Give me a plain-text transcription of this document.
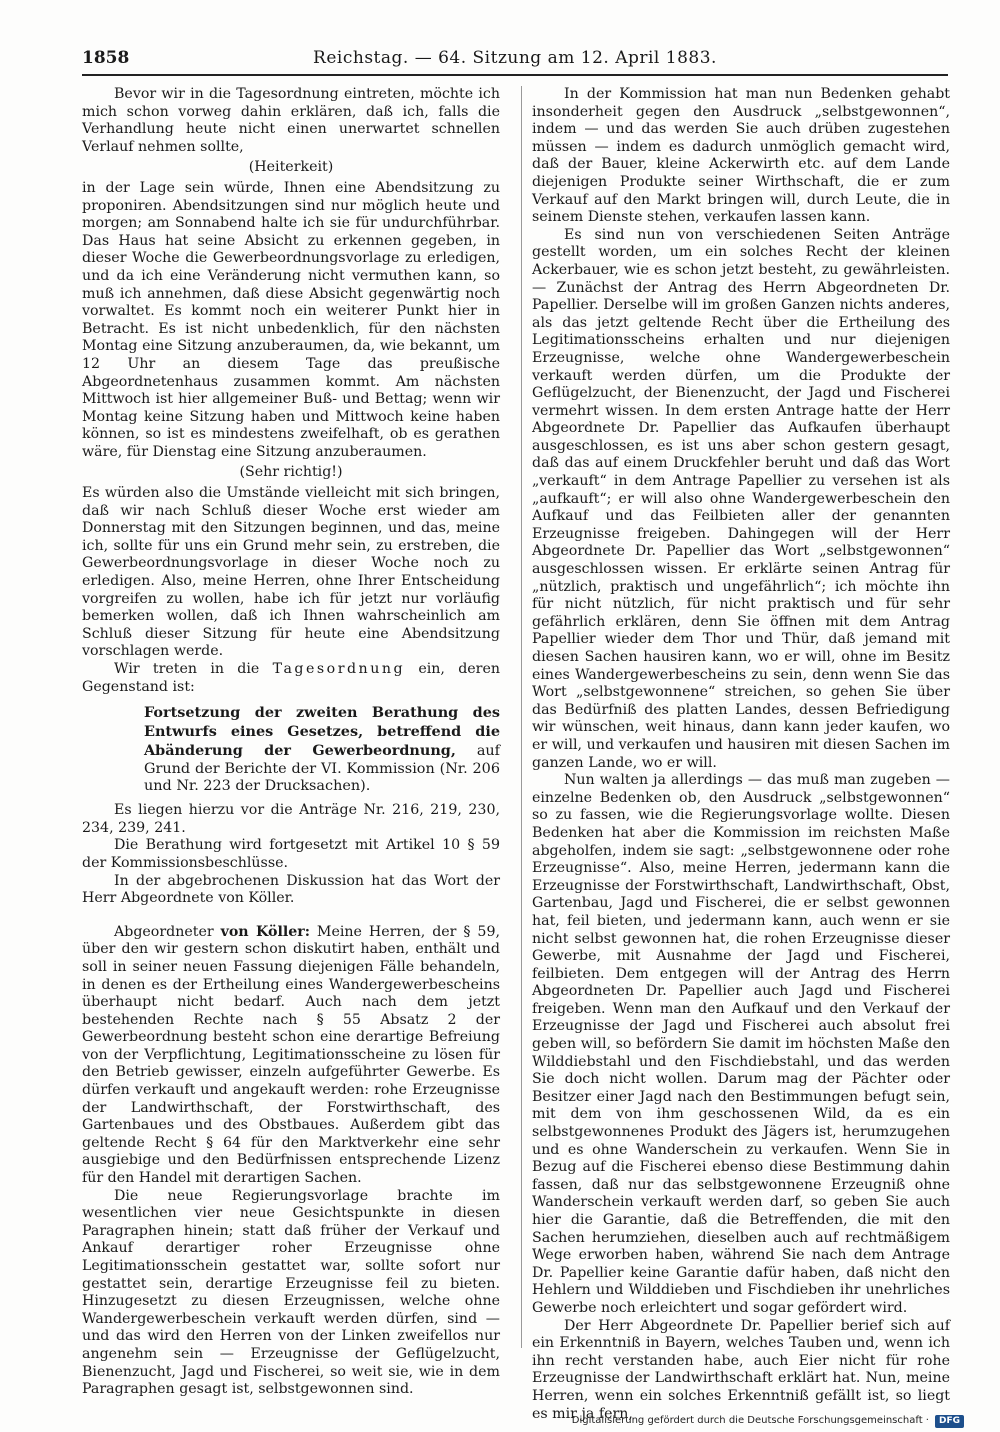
1858	Reichstag. — 64. Sitzung am 12. April 1883.

Bevor wir in die Tagesordnung eintreten, möchte ich mich schon vorweg dahin erklären, daß ich, falls die Verhandlung heute nicht einen unerwartet schnellen Verlauf nehmen sollte,

(Heiterkeit)

in der Lage sein würde, Ihnen eine Abendsitzung zu proponiren. Abendsitzungen sind nur möglich heute und morgen; am Sonnabend halte ich sie für undurchführbar. Das Haus hat seine Absicht zu erkennen gegeben, in dieser Woche die Gewerbeordnungsvorlage zu erledigen, und da ich eine Veränderung nicht vermuthen kann, so muß ich annehmen, daß diese Absicht gegenwärtig noch vorwaltet. Es kommt noch ein weiterer Punkt hier in Betracht. Es ist nicht unbedenklich, für den nächsten Montag eine Sitzung anzuberaumen, da, wie bekannt, um 12 Uhr an diesem Tage das preußische Abgeordnetenhaus zusammen kommt. Am nächsten Mittwoch ist hier allgemeiner Buß- und Bettag; wenn wir Montag keine Sitzung haben und Mittwoch keine haben können, so ist es mindestens zweifelhaft, ob es gerathen wäre, für Dienstag eine Sitzung anzuberaumen.

(Sehr richtig!)

Es würden also die Umstände vielleicht mit sich bringen, daß wir nach Schluß dieser Woche erst wieder am Donnerstag mit den Sitzungen beginnen, und das, meine ich, sollte für uns ein Grund mehr sein, zu erstreben, die Gewerbeordnungsvorlage in dieser Woche noch zu erledigen. Also, meine Herren, ohne Ihrer Entscheidung vorgreifen zu wollen, habe ich für jetzt nur vorläufig bemerken wollen, daß ich Ihnen wahrscheinlich am Schluß dieser Sitzung für heute eine Abendsitzung vorschlagen werde.

Wir treten in die Tagesordnung ein, deren Gegenstand ist:

Fortsetzung der zweiten Berathung des Entwurfs eines Gesetzes, betreffend die Abänderung der Gewerbeordnung, auf Grund der Berichte der VI. Kommission (Nr. 206 und Nr. 223 der Drucksachen).

Es liegen hierzu vor die Anträge Nr. 216, 219, 230, 234, 239, 241.

Die Berathung wird fortgesetzt mit Artikel 10 § 59 der Kommissionsbeschlüsse.

In der abgebrochenen Diskussion hat das Wort der Herr Abgeordnete von Köller.

Abgeordneter von Köller: Meine Herren, der § 59, über den wir gestern schon diskutirt haben, enthält und soll in seiner neuen Fassung diejenigen Fälle behandeln, in denen es der Ertheilung eines Wandergewerbescheins überhaupt nicht bedarf. Auch nach dem jetzt bestehenden Rechte nach § 55 Absatz 2 der Gewerbeordnung besteht schon eine derartige Befreiung von der Verpflichtung, Legitimationsscheine zu lösen für den Betrieb gewisser, einzeln aufgeführter Gewerbe. Es dürfen verkauft und angekauft werden: rohe Erzeugnisse der Landwirthschaft, der Forstwirthschaft, des Gartenbaues und des Obstbaues. Außerdem gibt das geltende Recht § 64 für den Marktverkehr eine sehr ausgiebige und den Bedürfnissen entsprechende Lizenz für den Handel mit derartigen Sachen.

Die neue Regierungsvorlage brachte im wesentlichen vier neue Gesichtspunkte in diesen Paragraphen hinein; statt daß früher der Verkauf und Ankauf derartiger roher Erzeugnisse ohne Legitimationsschein gestattet war, sollte sofort nur gestattet sein, derartige Erzeugnisse feil zu bieten. Hinzugesetzt zu diesen Erzeugnissen, welche ohne Wandergewerbeschein verkauft werden dürfen, sind — und das wird den Herren von der Linken zweifellos nur angenehm sein — Erzeugnisse der Geflügelzucht, Bienenzucht, Jagd und Fischerei, so weit sie, wie in dem Paragraphen gesagt ist, selbstgewonnen sind.

In der Kommission hat man nun Bedenken gehabt insonderheit gegen den Ausdruck „selbstgewonnen“, indem — und das werden Sie auch drüben zugestehen müssen — indem es dadurch unmöglich gemacht wird, daß der Bauer, kleine Ackerwirth etc. auf dem Lande diejenigen Produkte seiner Wirthschaft, die er zum Verkauf auf den Markt bringen will, durch Leute, die in seinem Dienste stehen, verkaufen lassen kann.

Es sind nun von verschiedenen Seiten Anträge gestellt worden, um ein solches Recht der kleinen Ackerbauer, wie es schon jetzt besteht, zu gewährleisten. — Zunächst der Antrag des Herrn Abgeordneten Dr. Papellier. Derselbe will im großen Ganzen nichts anderes, als das jetzt geltende Recht über die Ertheilung des Legitimationsscheins erhalten und nur diejenigen Erzeugnisse, welche ohne Wandergewerbeschein verkauft werden dürfen, um die Produkte der Geflügelzucht, der Bienenzucht, der Jagd und Fischerei vermehrt wissen. In dem ersten Antrage hatte der Herr Abgeordnete Dr. Papellier das Aufkaufen überhaupt ausgeschlossen, es ist uns aber schon gestern gesagt, daß das auf einem Druckfehler beruht und daß das Wort „verkauft“ in dem Antrage Papellier zu versehen ist als „aufkauft“; er will also ohne Wandergewerbeschein den Aufkauf und das Feilbieten aller der genannten Erzeugnisse freigeben. Dahingegen will der Herr Abgeordnete Dr. Papellier das Wort „selbstgewonnen“ ausgeschlossen wissen. Er erklärte seinen Antrag für „nützlich, praktisch und ungefährlich“; ich möchte ihn für nicht nützlich, für nicht praktisch und für sehr gefährlich erklären, denn Sie öffnen mit dem Antrag Papellier wieder dem Thor und Thür, daß jemand mit diesen Sachen hausiren kann, wo er will, ohne im Besitz eines Wandergewerbescheins zu sein, denn wenn Sie das Wort „selbstgewonnene“ streichen, so gehen Sie über das Bedürfniß des platten Landes, dessen Befriedigung wir wünschen, weit hinaus, dann kann jeder kaufen, wo er will, und verkaufen und hausiren mit diesen Sachen im ganzen Lande, wo er will.

Nun walten ja allerdings — das muß man zugeben — einzelne Bedenken ob, den Ausdruck „selbstgewonnen“ so zu fassen, wie die Regierungsvorlage wollte. Diesen Bedenken hat aber die Kommission im reichsten Maße abgeholfen, indem sie sagt: „selbstgewonnene oder rohe Erzeugnisse“. Also, meine Herren, jedermann kann die Erzeugnisse der Forstwirthschaft, Landwirthschaft, Obst, Gartenbau, Jagd und Fischerei, die er selbst gewonnen hat, feil bieten, und jedermann kann, auch wenn er sie nicht selbst gewonnen hat, die rohen Erzeugnisse dieser Gewerbe, mit Ausnahme der Jagd und Fischerei, feilbieten. Dem entgegen will der Antrag des Herrn Abgeordneten Dr. Papellier auch Jagd und Fischerei freigeben. Wenn man den Aufkauf und den Verkauf der Erzeugnisse der Jagd und Fischerei auch absolut frei geben will, so befördern Sie damit im höchsten Maße den Wilddiebstahl und den Fischdiebstahl, und das werden Sie doch nicht wollen. Darum mag der Pächter oder Besitzer einer Jagd nach den Bestimmungen befugt sein, mit dem von ihm geschossenen Wild, da es ein selbstgewonnenes Produkt des Jägers ist, herumzugehen und es ohne Wanderschein zu verkaufen. Wenn Sie in Bezug auf die Fischerei ebenso diese Bestimmung dahin fassen, daß nur das selbstgewonnene Erzeugniß ohne Wanderschein verkauft werden darf, so geben Sie auch hier die Garantie, daß die Betreffenden, die mit den Sachen herumziehen, dieselben auch auf rechtmäßigem Wege erworben haben, während Sie nach dem Antrage Dr. Papellier keine Garantie dafür haben, daß nicht den Hehlern und Wilddieben und Fischdieben ihr unehrliches Gewerbe noch erleichtert und sogar gefördert wird.

Der Herr Abgeordnete Dr. Papellier berief sich auf ein Erkenntniß in Bayern, welches Tauben und, wenn ich ihn recht verstanden habe, auch Eier nicht für rohe Erzeugnisse der Landwirthschaft erklärt hat. Nun, meine Herren, wenn ein solches Erkenntniß gefällt ist, so liegt es mir ja fern,

Digitalisierung gefördert durch die Deutsche Forschungsgemeinschaft ·	DFG
